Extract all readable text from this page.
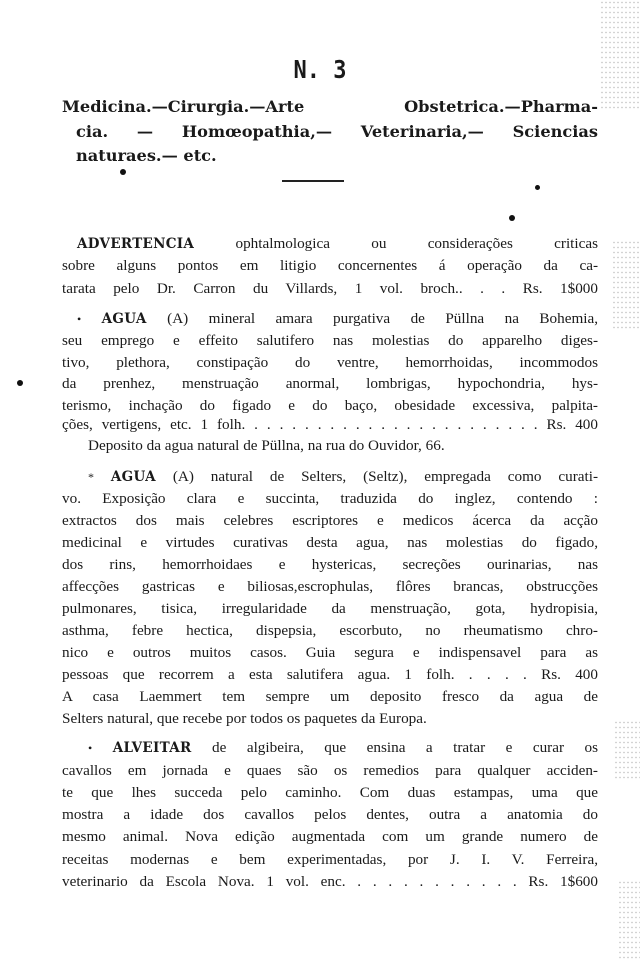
N. 3
Medicina.—Cirurgia.—Arte Obstetrica.—Pharma-
cia. — Homœopathia,— Veterinaria,— Sciencias
naturaes.— etc.
ADVERTENCIA	ophtalmologica ou considerações criticas
sobre alguns pontos em litigio concernentes á operação da ca-
tarata pelo Dr. Carron du Villards, 1 vol. broch.. . . Rs. 1$000
• AGUA (A) mineral amara purgativa de Püllna na Bohemia,
seu emprego e effeito salutifero nas molestias do apparelho diges-
tivo, plethora, constipação do ventre, hemorrhoidas, incommodos
da prenhez, menstruação anormal, lombrigas, hypochondria, hys-
terismo, inchação do figado e do baço, obesidade excessiva, palpita-
ções, vertigens, etc. 1 folh. . . . . . . . . . . . . . . . . . . . . . . . Rs. 400
Deposito da agua natural de Püllna, na rua do Ouvidor, 66.
* AGUA (A) natural de Selters, (Seltz), empregada como curati-
vo. Exposição clara e succinta, traduzida do inglez, contendo :
extractos dos mais celebres escriptores e medicos ácerca da acção
medicinal e virtudes curativas desta agua, nas molestias do figado,
dos rins, hemorrhoidaes e hystericas, secreções ourinarias, nas
affecções gastricas e biliosas,escrophulas, flôres brancas, obstrucções
pulmonares, tisica, irregularidade da menstruação, gota, hydropisia,
asthma, febre hectica, dispepsia, escorbuto, no rheumatismo chro-
nico e outros muitos casos. Guia segura e indispensavel para as
pessoas que recorrem a esta salutifera agua. 1 folh. . . . . Rs. 400
A casa Laemmert tem sempre um deposito fresco da agua de
Selters natural, que recebe por todos os paquetes da Europa.
• ALVEITAR de algibeira, que ensina a tratar e curar os
cavallos em jornada e quaes são os remedios para qualquer acciden-
te que lhes succeda pelo caminho. Com duas estampas, uma que
mostra a idade dos cavallos pelos dentes, outra a anatomia do
mesmo animal. Nova edição augmentada com um grande numero de
receitas modernas e bem experimentadas, por J. I. V. Ferreira,
veterinario da Escola Nova. 1 vol. enc. . . . . . . . . . . . Rs. 1$600
